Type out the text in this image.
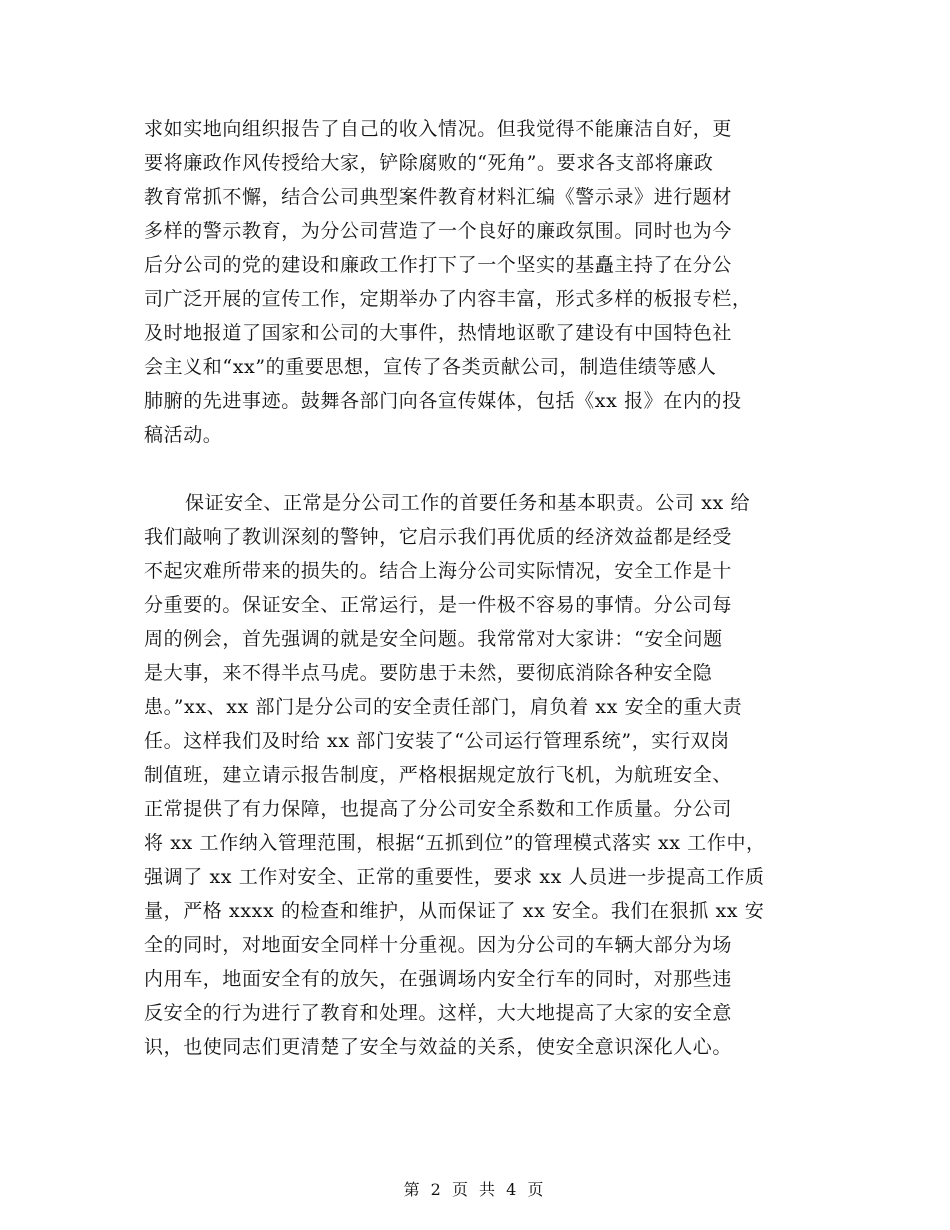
求如实地向组织报告了自己的收入情况。但我觉得不能廉洁自好，更
要将廉政作风传授给大家，铲除腐败的“死角”。要求各支部将廉政
教育常抓不懈，结合公司典型案件教育材料汇编《警示录》进行题材
多样的警示教育，为分公司营造了一个良好的廉政氛围。同时也为今
后分公司的党的建设和廉政工作打下了一个坚实的基矗主持了在分公
司广泛开展的宣传工作，定期举办了内容丰富，形式多样的板报专栏，
及时地报道了国家和公司的大事件，热情地讴歌了建设有中国特色社
会主义和“xx”的重要思想，宣传了各类贡献公司，制造佳绩等感人
肺腑的先进事迹。鼓舞各部门向各宣传媒体，包括《xx 报》在内的投
稿活动。
保证安全、正常是分公司工作的首要任务和基本职责。公司 xx 给
我们敲响了教训深刻的警钟，它启示我们再优质的经济效益都是经受
不起灾难所带来的损失的。结合上海分公司实际情况，安全工作是十
分重要的。保证安全、正常运行，是一件极不容易的事情。分公司每
周的例会，首先强调的就是安全问题。我常常对大家讲：“安全问题
是大事，来不得半点马虎。要防患于未然，要彻底消除各种安全隐
患。”xx、xx 部门是分公司的安全责任部门，肩负着 xx 安全的重大责
任。这样我们及时给 xx 部门安装了“公司运行管理系统”，实行双岗
制值班，建立请示报告制度，严格根据规定放行飞机，为航班安全、
正常提供了有力保障，也提高了分公司安全系数和工作质量。分公司
将 xx 工作纳入管理范围，根据“五抓到位”的管理模式落实 xx 工作中，
强调了 xx 工作对安全、正常的重要性，要求 xx 人员进一步提高工作质
量，严格 xxxx 的检查和维护，从而保证了 xx 安全。我们在狠抓 xx 安
全的同时，对地面安全同样十分重视。因为分公司的车辆大部分为场
内用车，地面安全有的放矢，在强调场内安全行车的同时，对那些违
反安全的行为进行了教育和处理。这样，大大地提高了大家的安全意
识，也使同志们更清楚了安全与效益的关系，使安全意识深化人心。
第 2 页 共 4 页
